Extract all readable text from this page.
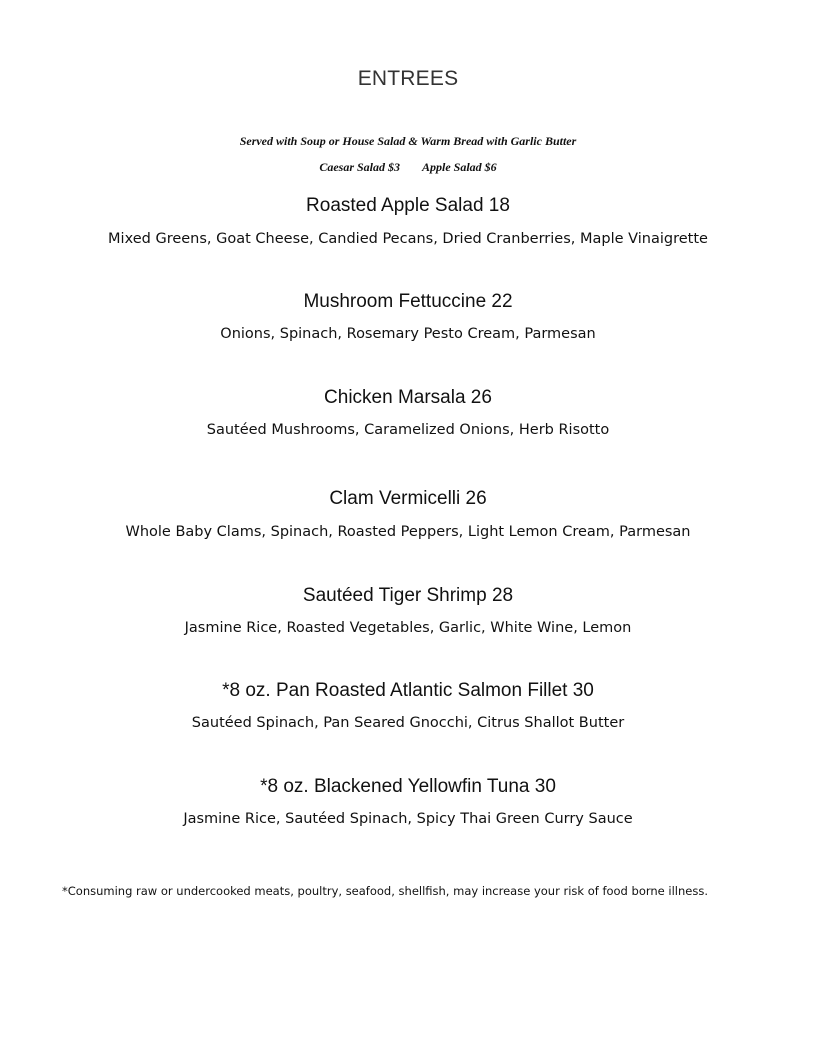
ENTREES
Served with Soup or House Salad & Warm Bread with Garlic Butter
Caesar Salad $3 Apple Salad $6
Roasted Apple Salad 18
Mixed Greens, Goat Cheese, Candied Pecans, Dried Cranberries, Maple Vinaigrette
Mushroom Fettuccine 22
Onions, Spinach, Rosemary Pesto Cream, Parmesan
Chicken Marsala 26
Sautéed Mushrooms, Caramelized Onions, Herb Risotto
Clam Vermicelli 26
Whole Baby Clams, Spinach, Roasted Peppers, Light Lemon Cream, Parmesan
Sautéed Tiger Shrimp 28
Jasmine Rice, Roasted Vegetables, Garlic, White Wine, Lemon
*8 oz. Pan Roasted Atlantic Salmon Fillet 30
Sautéed Spinach, Pan Seared Gnocchi, Citrus Shallot Butter
*8 oz. Blackened Yellowfin Tuna 30
Jasmine Rice, Sautéed Spinach, Spicy Thai Green Curry Sauce
*Consuming raw or undercooked meats, poultry, seafood, shellfish, may increase your risk of food borne illness.
